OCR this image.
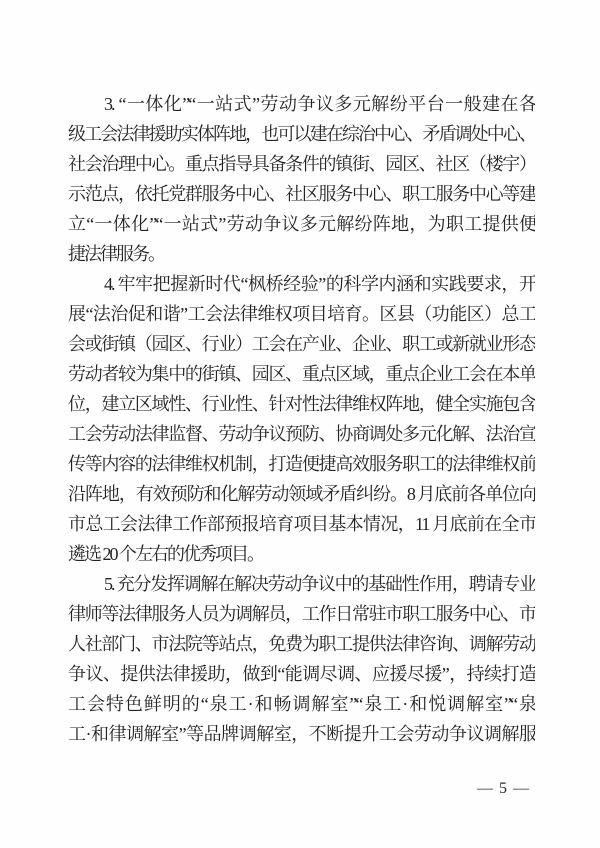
3. “一体化”“一站式”劳动争议多元解纷平台一般建在各
级工会法律援助实体阵地，也可以建在综治中心、矛盾调处中心、
社会治理中心。重点指导具备条件的镇街、园区、社区（楼宇）
示范点，依托党群服务中心、社区服务中心、职工服务中心等建
立“一体化”“一站式”劳动争议多元解纷阵地，为职工提供便
捷法律服务。
4. 牢牢把握新时代“枫桥经验”的科学内涵和实践要求，开
展“法治促和谐”工会法律维权项目培育。区县（功能区）总工
会或街镇（园区、行业）工会在产业、企业、职工或新就业形态
劳动者较为集中的街镇、园区、重点区域，重点企业工会在本单
位，建立区域性、行业性、针对性法律维权阵地，健全实施包含
工会劳动法律监督、劳动争议预防、协商调处多元化解、法治宣
传等内容的法律维权机制，打造便捷高效服务职工的法律维权前
沿阵地，有效预防和化解劳动领域矛盾纠纷。8 月底前各单位向
市总工会法律工作部预报培育项目基本情况，11 月底前在全市
遴选 20 个左右的优秀项目。
5. 充分发挥调解在解决劳动争议中的基础性作用，聘请专业
律师等法律服务人员为调解员，工作日常驻市职工服务中心、市
人社部门、市法院等站点，免费为职工提供法律咨询、调解劳动
争议、提供法律援助，做到“能调尽调、应援尽援”，持续打造
工会特色鲜明的“泉工·和畅调解室”“泉工·和悦调解室”“泉
工·和律调解室”等品牌调解室，不断提升工会劳动争议调解服
— 5 —
